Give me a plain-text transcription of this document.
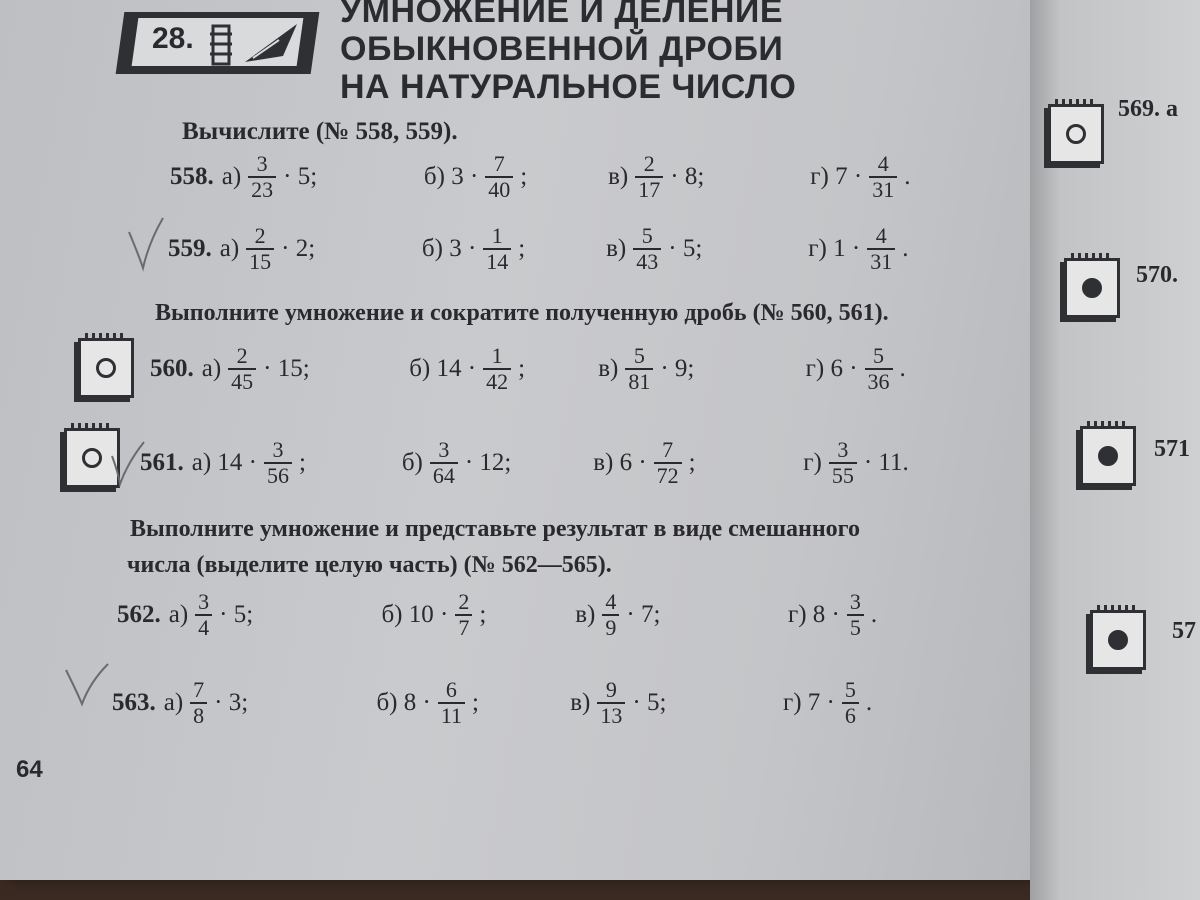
28.
УМНОЖЕНИЕ И ДЕЛЕНИЕ
ОБЫКНОВЕННОЙ ДРОБИ
НА НАТУРАЛЬНОЕ ЧИСЛО
Вычислите (№ 558, 559).
558. $а) \frac{3}{23} \cdot 5$;	б) $3 \cdot \frac{7}{40}$ ;	$в) \frac{2}{17} \cdot 8$;	г) $7 \cdot \frac{4}{31}$ .
559. $а) \frac{2}{15} \cdot 2$;	б) $3 \cdot \frac{1}{14}$ ;	$в) \frac{5}{43} \cdot 5$;	г) $1 \cdot \frac{4}{31}$ .
Выполните умножение и сократите полученную дробь (№ 560, 561).
560. $а) \frac{2}{45} \cdot 15$;	б) $14 \cdot \frac{1}{42}$ ;	$в) \frac{5}{81} \cdot 9$;	г) $6 \cdot \frac{5}{36}$ .
561. а) $14 \cdot \frac{3}{56}$ ;	$б) \frac{3}{64} \cdot 12$;	в) $6 \cdot \frac{7}{72}$ ;	$г) \frac{3}{55} \cdot 11$.
Выполните умножение и представьте результат в виде смешанного
числа (выделите целую часть) (№ 562—565).
562. $а) \frac{3}{4} \cdot 5$;	б) $10 \cdot \frac{2}{7}$ ;	$в) \frac{4}{9} \cdot 7$;	г) $8 \cdot \frac{3}{5}$ .
563. $а) \frac{7}{8} \cdot 3$;	б) $8 \cdot \frac{6}{11}$ ;	$в) \frac{9}{13} \cdot 5$;	г) $7 \cdot \frac{5}{6}$ .
64
569. а
570.
571
57
